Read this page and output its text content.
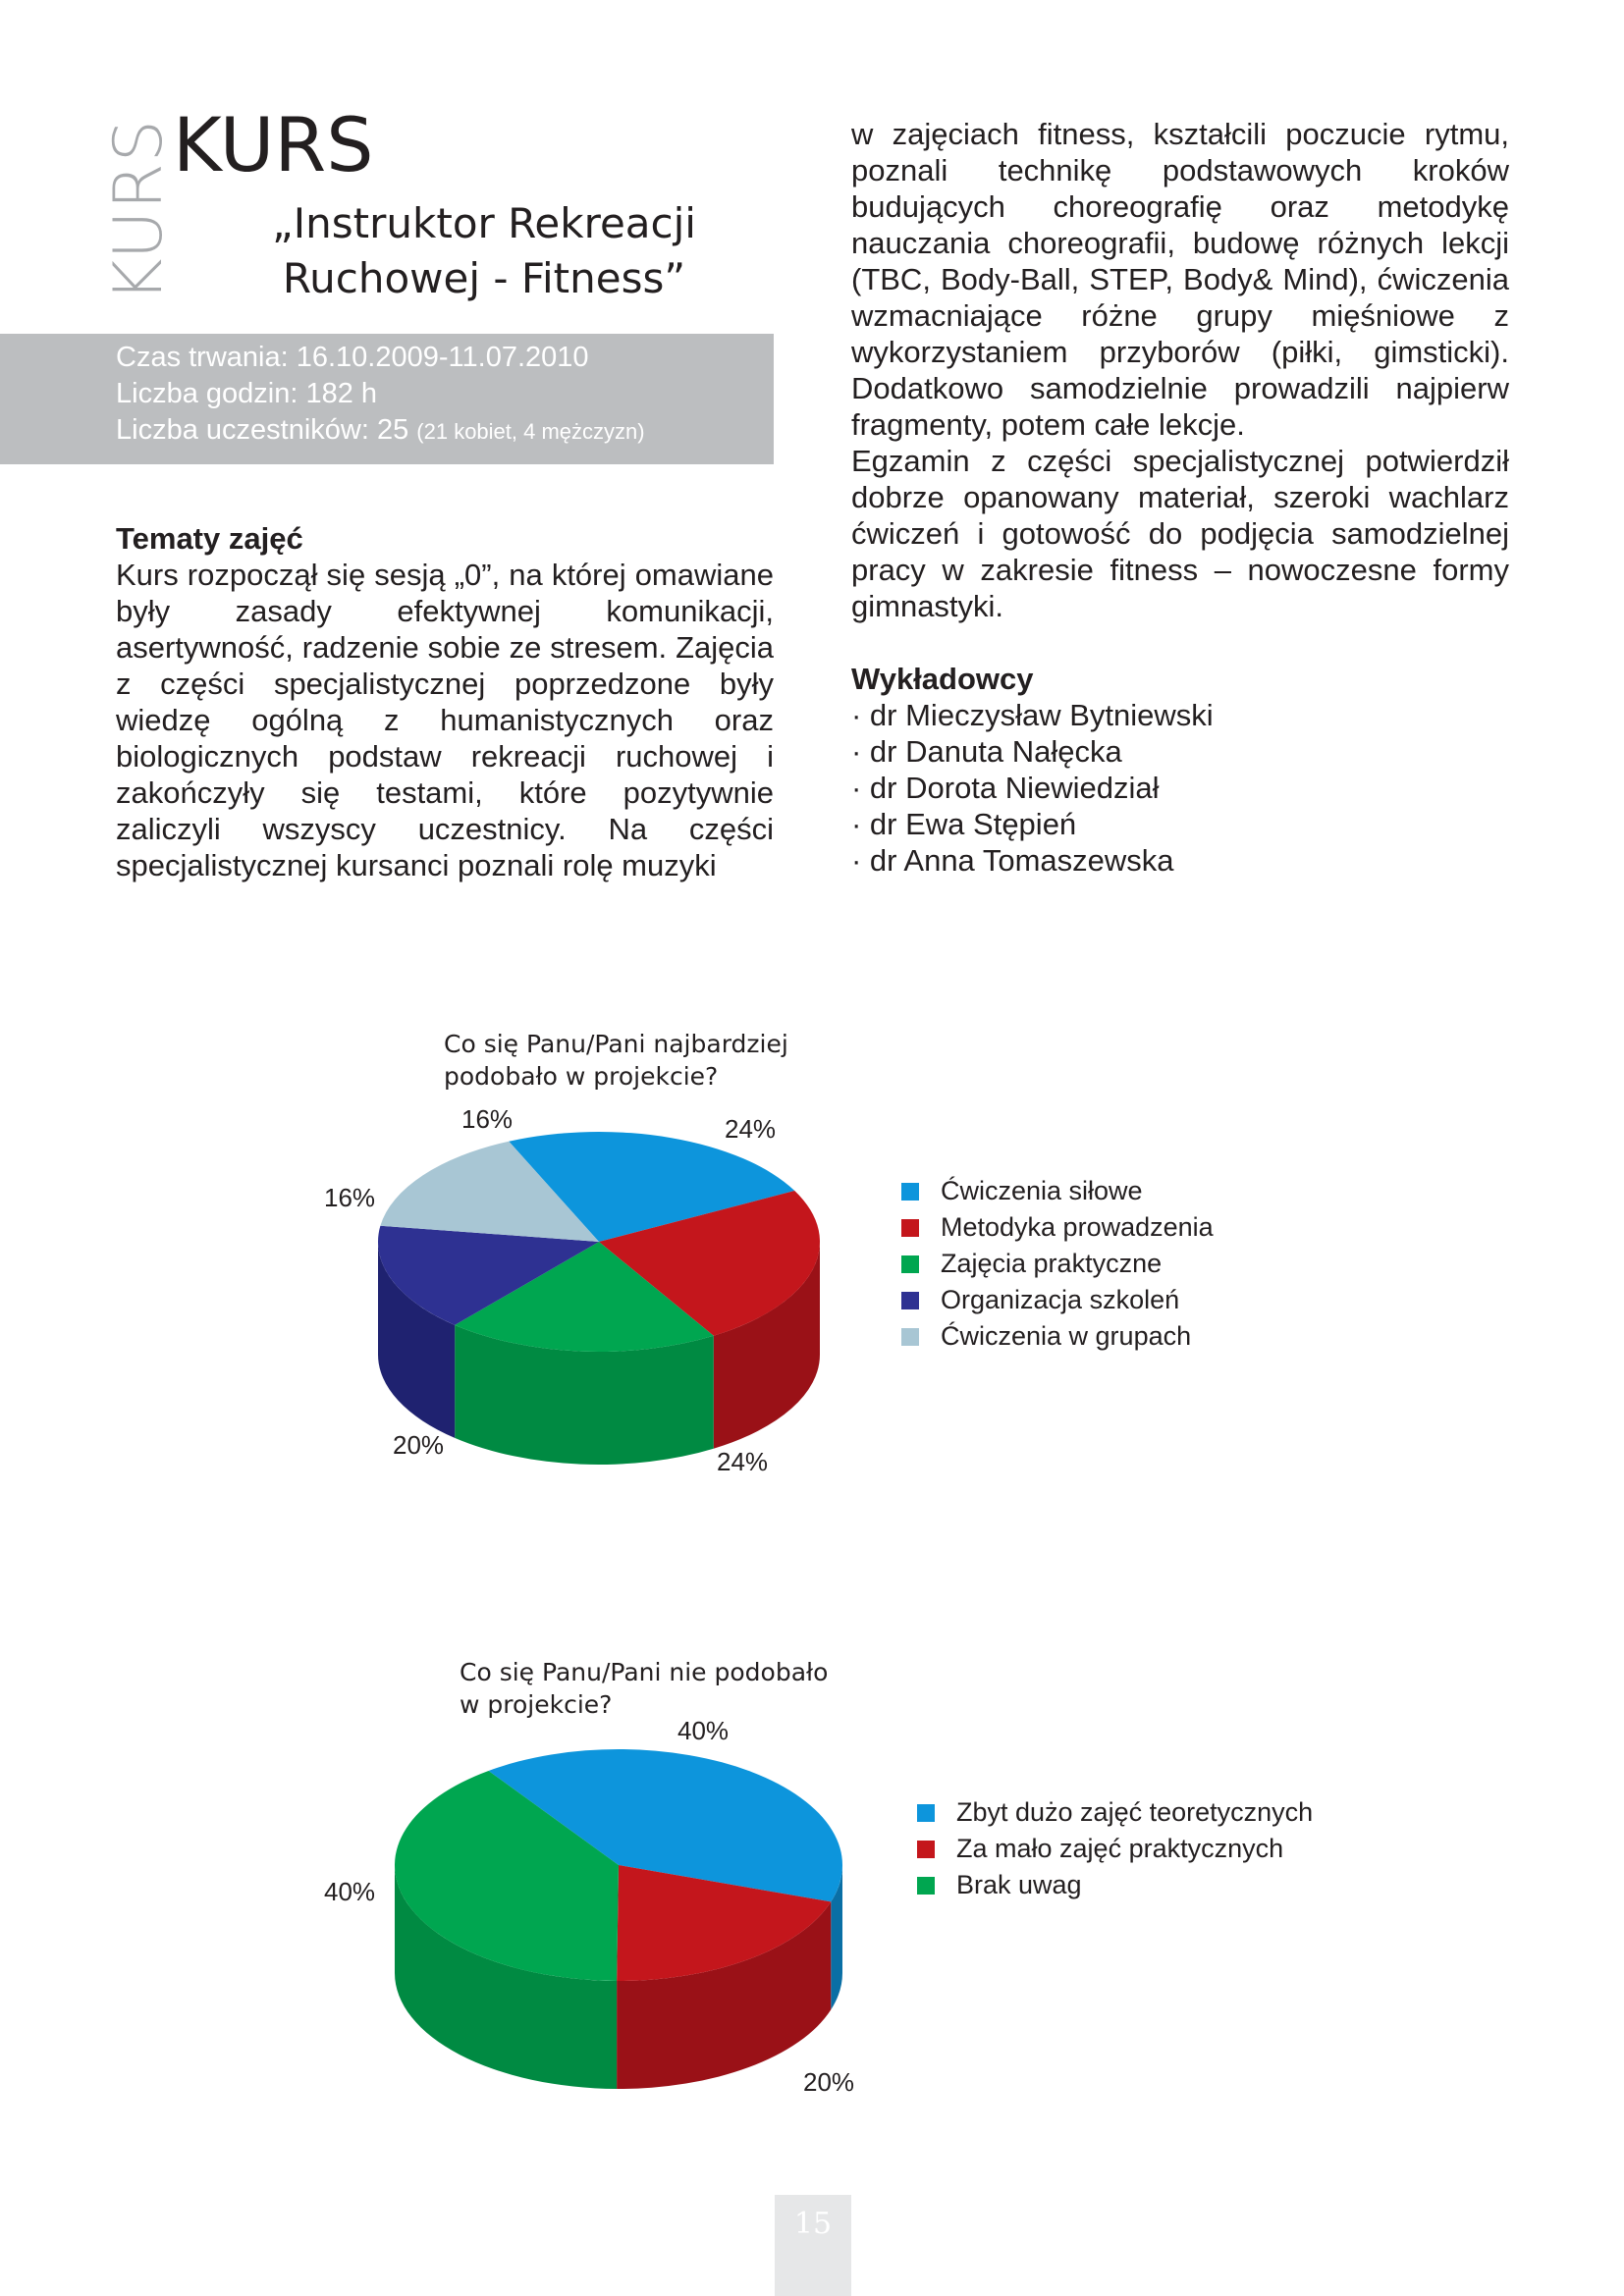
KURS
KURS
„Instruktor Rekreacji
Ruchowej - Fitness”
Czas trwania: 16.10.2009-11.07.2010
Liczba godzin: 182 h
Liczba uczestników: 25 (21 kobiet, 4 mężczyzn)
Tematy zajęć
Kurs rozpoczął się sesją „0”, na której omawiane były zasady efektywnej komunikacji, asertywność, radzenie sobie ze stresem. Zajęcia z części specjalistycznej poprzedzone były wiedzę ogólną z humanistycznych oraz biologicznych podstaw rekreacji ruchowej i zakończyły się testami, które pozytywnie zaliczyli wszyscy uczestnicy. Na części specjalistycznej kursanci poznali rolę muzyki
w zajęciach fitness, kształcili poczucie rytmu, poznali technikę podstawowych kroków budujących choreografię oraz metodykę nauczania choreografii, budowę różnych lekcji (TBC, Body-Ball, STEP, Body& Mind), ćwiczenia wzmacniające różne grupy mięśniowe z wykorzystaniem przyborów (piłki, gimsticki). Dodatkowo samodzielnie prowadzili najpierw fragmenty, potem całe lekcje.
Egzamin z części specjalistycznej potwierdził dobrze opanowany materiał, szeroki wachlarz ćwiczeń i gotowość do podjęcia samodzielnej pracy w zakresie fitness – nowoczesne formy gimnastyki.
Wykładowcy
· dr Mieczysław Bytniewski
· dr Danuta Nałęcka
· dr Dorota Niewiedział
· dr Ewa Stępień
· dr Anna Tomaszewska
Co się Panu/Pani najbardziej
podobało w projekcie?
24%
24%
20%
16%
16%
Ćwiczenia siłowe
Metodyka prowadzenia
Zajęcia praktyczne
Organizacja szkoleń
Ćwiczenia w grupach
Co się Panu/Pani nie podobało
w projekcie?
40%
20%
40%
Zbyt dużo zajęć teoretycznych
Za mało zajęć praktycznych
Brak uwag
15
